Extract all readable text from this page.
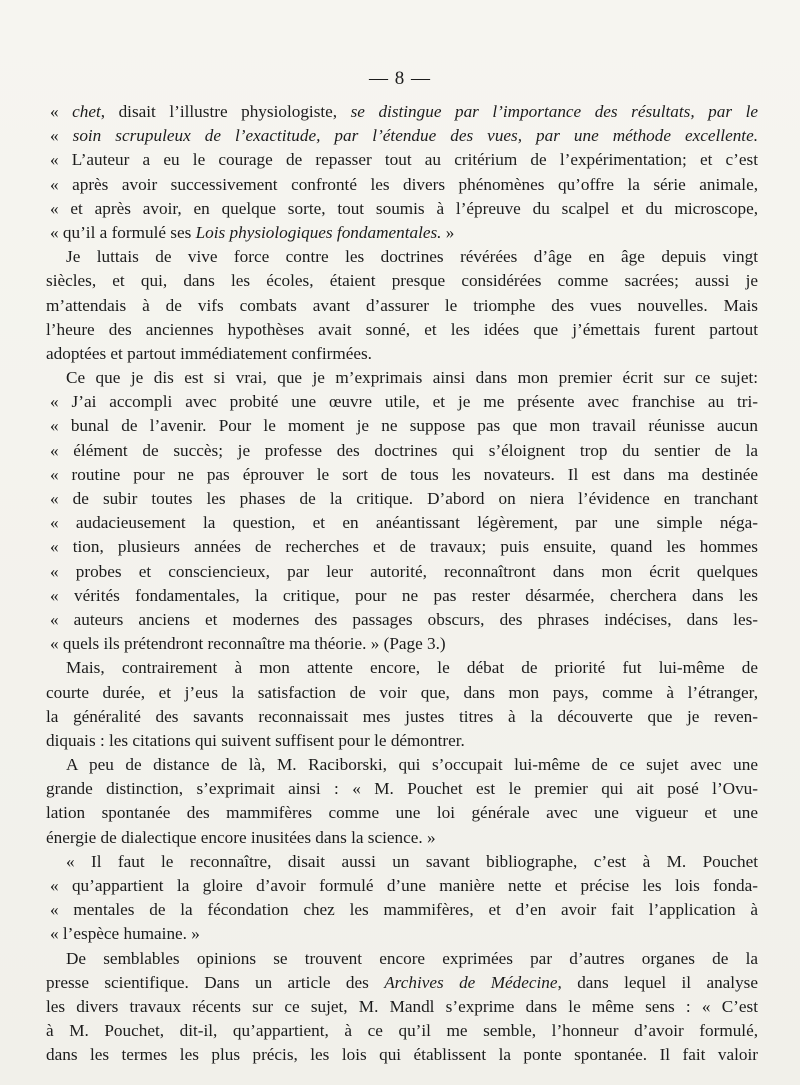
— 8 —
« chet, disait l’illustre physiologiste, se distingue par l’importance des résultats, par le
« soin scrupuleux de l’exactitude, par l’étendue des vues, par une méthode excellente.
« L’auteur a eu le courage de repasser tout au critérium de l’expérimentation; et c’est
« après avoir successivement confronté les divers phénomènes qu’offre la série animale,
« et après avoir, en quelque sorte, tout soumis à l’épreuve du scalpel et du microscope,
« qu’il a formulé ses Lois physiologiques fondamentales. »
Je luttais de vive force contre les doctrines révérées d’âge en âge depuis vingt
siècles, et qui, dans les écoles, étaient presque considérées comme sacrées; aussi je
m’attendais à de vifs combats avant d’assurer le triomphe des vues nouvelles. Mais
l’heure des anciennes hypothèses avait sonné, et les idées que j’émettais furent partout
adoptées et partout immédiatement confirmées.
Ce que je dis est si vrai, que je m’exprimais ainsi dans mon premier écrit sur ce sujet:
« J’ai accompli avec probité une œuvre utile, et je me présente avec franchise au tri-
« bunal de l’avenir. Pour le moment je ne suppose pas que mon travail réunisse aucun
« élément de succès; je professe des doctrines qui s’éloignent trop du sentier de la
« routine pour ne pas éprouver le sort de tous les novateurs. Il est dans ma destinée
« de subir toutes les phases de la critique. D’abord on niera l’évidence en tranchant
« audacieusement la question, et en anéantissant légèrement, par une simple néga-
« tion, plusieurs années de recherches et de travaux; puis ensuite, quand les hommes
« probes et consciencieux, par leur autorité, reconnaîtront dans mon écrit quelques
« vérités fondamentales, la critique, pour ne pas rester désarmée, cherchera dans les
« auteurs anciens et modernes des passages obscurs, des phrases indécises, dans les-
« quels ils prétendront reconnaître ma théorie. » (Page 3.)
Mais, contrairement à mon attente encore, le débat de priorité fut lui-même de
courte durée, et j’eus la satisfaction de voir que, dans mon pays, comme à l’étranger,
la généralité des savants reconnaissait mes justes titres à la découverte que je reven-
diquais : les citations qui suivent suffisent pour le démontrer.
A peu de distance de là, M. Raciborski, qui s’occupait lui-même de ce sujet avec une
grande distinction, s’exprimait ainsi : « M. Pouchet est le premier qui ait posé l’Ovu-
lation spontanée des mammifères comme une loi générale avec une vigueur et une
énergie de dialectique encore inusitées dans la science. »
« Il faut le reconnaître, disait aussi un savant bibliographe, c’est à M. Pouchet
« qu’appartient la gloire d’avoir formulé d’une manière nette et précise les lois fonda-
« mentales de la fécondation chez les mammifères, et d’en avoir fait l’application à
« l’espèce humaine. »
De semblables opinions se trouvent encore exprimées par d’autres organes de la
presse scientifique. Dans un article des Archives de Médecine, dans lequel il analyse
les divers travaux récents sur ce sujet, M. Mandl s’exprime dans le même sens : « C’est
à M. Pouchet, dit-il, qu’appartient, à ce qu’il me semble, l’honneur d’avoir formulé,
dans les termes les plus précis, les lois qui établissent la ponte spontanée. Il fait valoir
